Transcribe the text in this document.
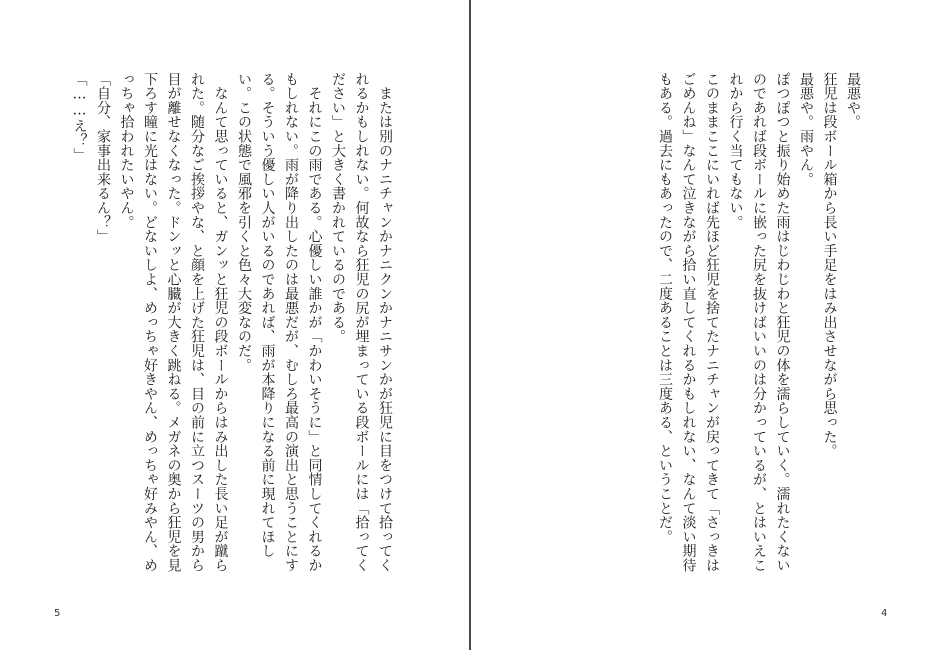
　または別のナニチャンかナニクンかナニサンかが狂児に目をつけて拾ってくれるかもしれない。何故なら狂児の尻が埋まっている段ボールには「拾ってください」と大きく書かれているのである。

　それにこの雨である。心優しい誰かが「かわいそうに」と同情してくれるかもしれない。雨が降り出したのは最悪だが、むしろ最高の演出と思うことにする。そういう優しい人がいるのであれば、雨が本降りになる前に現れてほしい。この状態で風邪を引くと色々大変なのだ。

　なんて思っていると、ガンッと狂児の段ボールからはみ出した長い足が蹴られた。随分なご挨拶やな、と顔を上げた狂児は、目の前に立つスーツの男から目が離せなくなった。ドンッと心臓が大きく跳ねる。メガネの奥から狂児を見下ろす瞳に光はない。どないしよ、めっちゃ好きやん、めっちゃ好みやん、めっちゃ拾われたいやん。

「自分、家事出来るん？」

「……え？」

5

最悪や。

狂児は段ボール箱から長い手足をはみ出させながら思った。

最悪や。雨やん。

ぽつぽつと振り始めた雨はじわじわと狂児の体を濡らしていく。濡れたくないのであれば段ボールに嵌った尻を抜けばいいのは分かっているが、とはいえこれから行く当てもない。

このままここにいれば先ほど狂児を捨てたナニチャンが戻ってきて「さっきはごめんね」なんて泣きながら拾い直してくれるかもしれない、なんて淡い期待もある。過去にもあったので、二度あることは三度ある、ということだ。

4
